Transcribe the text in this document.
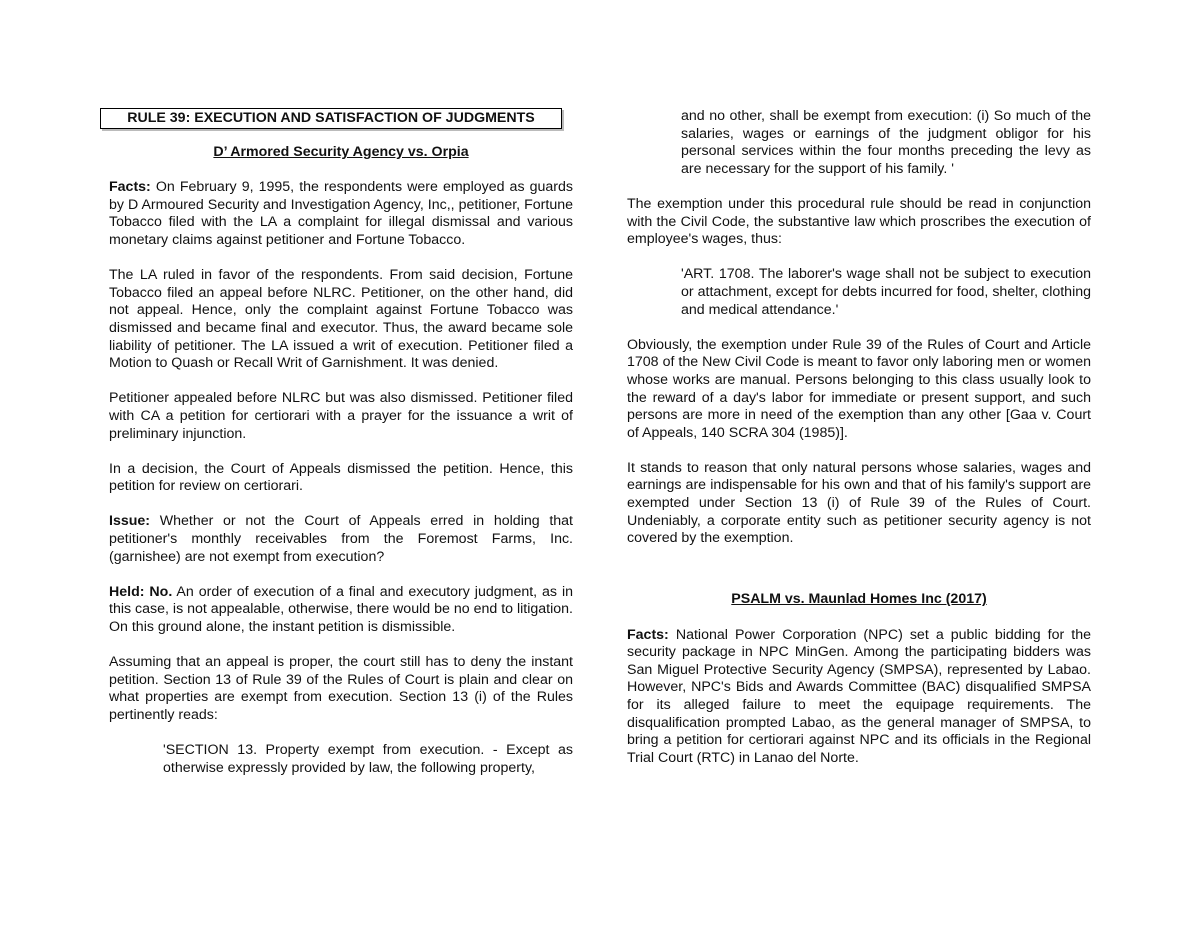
RULE 39: EXECUTION AND SATISFACTION OF JUDGMENTS
D’ Armored Security Agency vs. Orpia

Facts: On February 9, 1995, the respondents were employed as guards by D Armoured Security and Investigation Agency, Inc,, petitioner, Fortune Tobacco filed with the LA a complaint for illegal dismissal and various monetary claims against petitioner and Fortune Tobacco.

The LA ruled in favor of the respondents. From said decision, Fortune Tobacco filed an appeal before NLRC. Petitioner, on the other hand, did not appeal. Hence, only the complaint against Fortune Tobacco was dismissed and became final and executor. Thus, the award became sole liability of petitioner. The LA issued a writ of execution. Petitioner filed a Motion to Quash or Recall Writ of Garnishment. It was denied.

Petitioner appealed before NLRC but was also dismissed. Petitioner filed with CA a petition for certiorari with a prayer for the issuance a writ of preliminary injunction.

In a decision, the Court of Appeals dismissed the petition. Hence, this petition for review on certiorari.

Issue: Whether or not the Court of Appeals erred in holding that petitioner's monthly receivables from the Foremost Farms, Inc. (garnishee) are not exempt from execution?

Held: No. An order of execution of a final and executory judgment, as in this case, is not appealable, otherwise, there would be no end to litigation. On this ground alone, the instant petition is dismissible.

Assuming that an appeal is proper, the court still has to deny the instant petition. Section 13 of Rule 39 of the Rules of Court is plain and clear on what properties are exempt from execution. Section 13 (i) of the Rules pertinently reads:

'SECTION 13. Property exempt from execution. - Except as otherwise expressly provided by law, the following property,

and no other, shall be exempt from execution: (i) So much of the salaries, wages or earnings of the judgment obligor for his personal services within the four months preceding the levy as are necessary for the support of his family. '

The exemption under this procedural rule should be read in conjunction with the Civil Code, the substantive law which proscribes the execution of employee's wages, thus:

'ART. 1708. The laborer's wage shall not be subject to execution or attachment, except for debts incurred for food, shelter, clothing and medical attendance.'

Obviously, the exemption under Rule 39 of the Rules of Court and Article 1708 of the New Civil Code is meant to favor only laboring men or women whose works are manual. Persons belonging to this class usually look to the reward of a day's labor for immediate or present support, and such persons are more in need of the exemption than any other [Gaa v. Court of Appeals, 140 SCRA 304 (1985)].

It stands to reason that only natural persons whose salaries, wages and earnings are indispensable for his own and that of his family's support are exempted under Section 13 (i) of Rule 39 of the Rules of Court. Undeniably, a corporate entity such as petitioner security agency is not covered by the exemption.

PSALM vs. Maunlad Homes Inc (2017)

Facts: National Power Corporation (NPC) set a public bidding for the security package in NPC MinGen. Among the participating bidders was San Miguel Protective Security Agency (SMPSA), represented by Labao. However, NPC's Bids and Awards Committee (BAC) disqualified SMPSA for its alleged failure to meet the equipage requirements. The disqualification prompted Labao, as the general manager of SMPSA, to bring a petition for certiorari against NPC and its officials in the Regional Trial Court (RTC) in Lanao del Norte.
